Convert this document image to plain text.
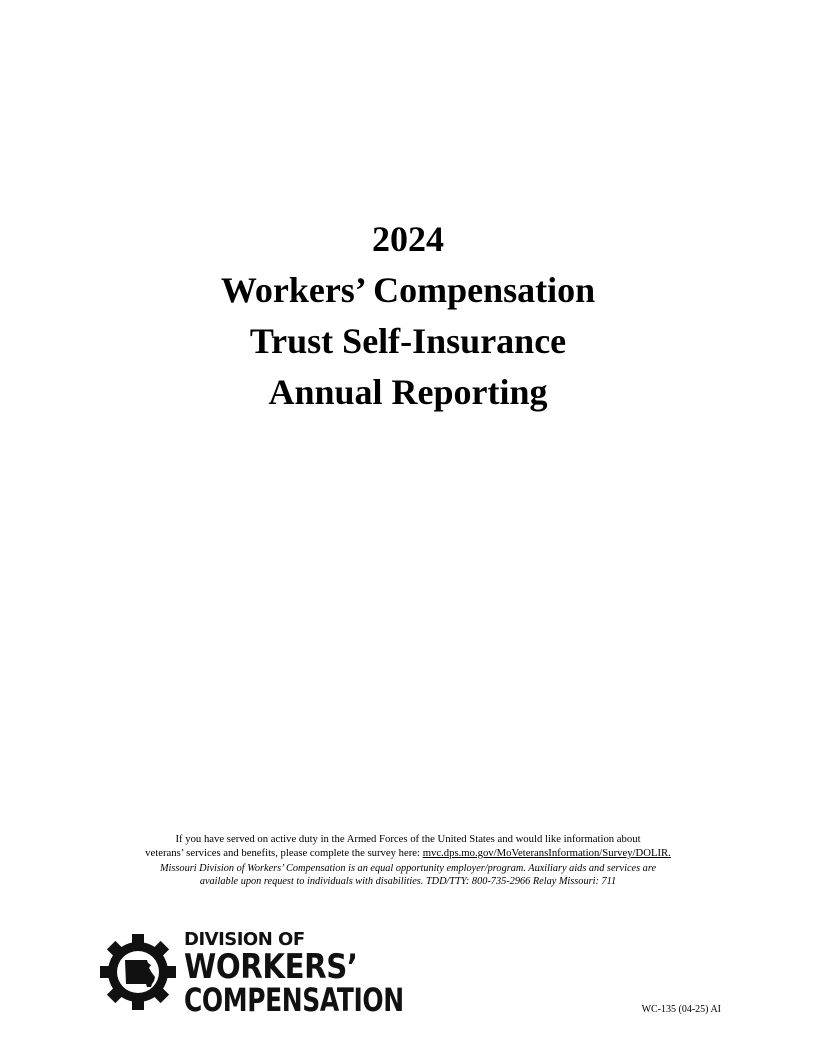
2024
Workers’ Compensation
Trust Self-Insurance
Annual Reporting
If you have served on active duty in the Armed Forces of the United States and would like information about
veterans’ services and benefits, please complete the survey here: mvc.dps.mo.gov/MoVeteransInformation/Survey/DOLIR.
Missouri Division of Workers’ Compensation is an equal opportunity employer/program. Auxiliary aids and services are
available upon request to individuals with disabilities. TDD/TTY: 800-735-2966 Relay Missouri: 711
DIVISION OF
WORKERS’
COMPENSATION	WC-135 (04-25) AI
